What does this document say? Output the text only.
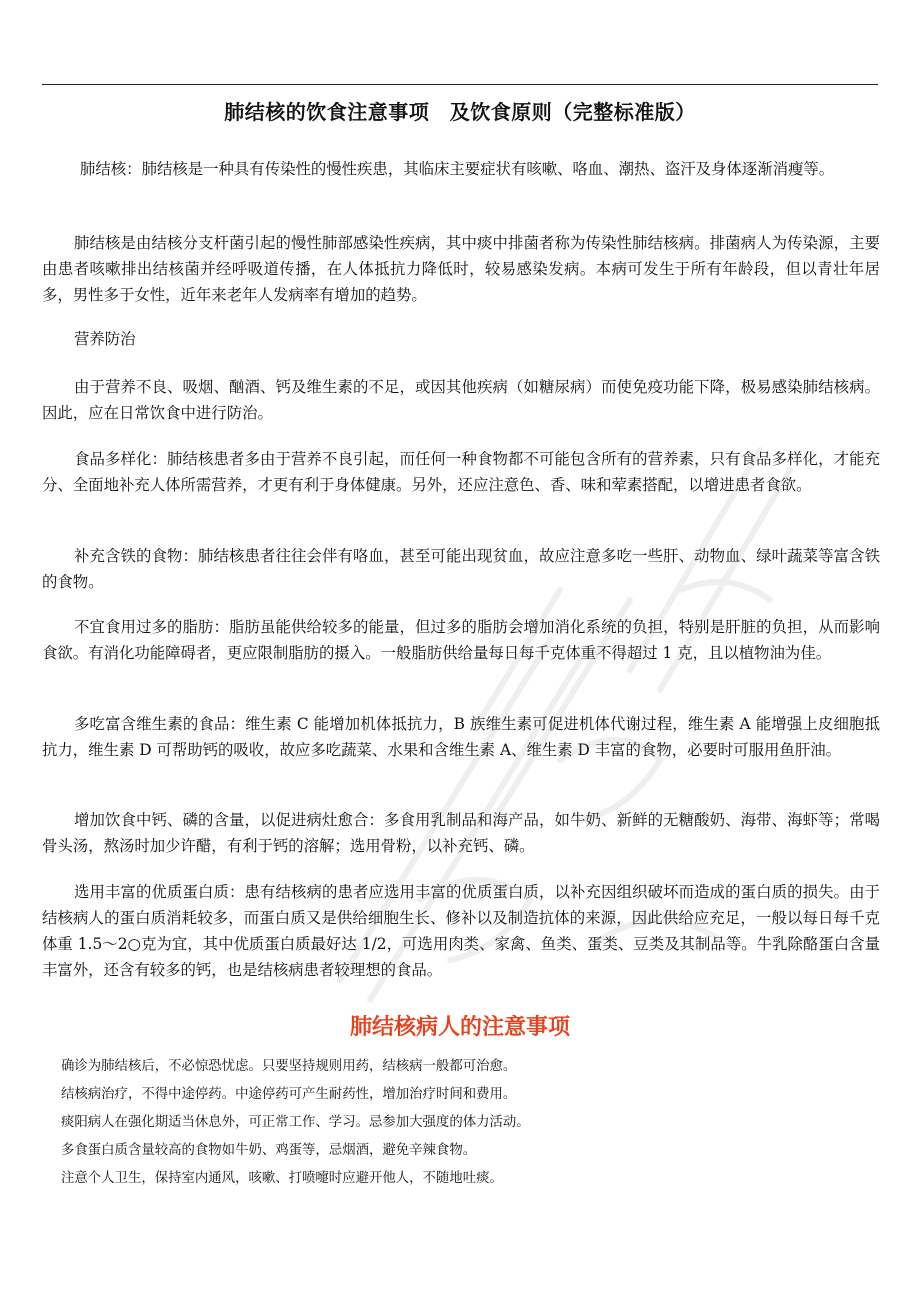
肺结核的饮食注意事项　及饮食原则（完整标准版）

肺结核：肺结核是一种具有传染性的慢性疾患，其临床主要症状有咳嗽、咯血、潮热、盗汗及身体逐渐消瘦等。

肺结核是由结核分支杆菌引起的慢性肺部感染性疾病，其中痰中排菌者称为传染性肺结核病。排菌病人为传染源，主要由患者咳嗽排出结核菌并经呼吸道传播，在人体抵抗力降低时，较易感染发病。本病可发生于所有年龄段，但以青壮年居多，男性多于女性，近年来老年人发病率有增加的趋势。

营养防治

由于营养不良、吸烟、酗酒、钙及维生素的不足，或因其他疾病（如糖尿病）而使免疫功能下降，极易感染肺结核病。因此，应在日常饮食中进行防治。

食品多样化：肺结核患者多由于营养不良引起，而任何一种食物都不可能包含所有的营养素，只有食品多样化，才能充分、全面地补充人体所需营养，才更有利于身体健康。另外，还应注意色、香、味和荤素搭配，以增进患者食欲。

补充含铁的食物：肺结核患者往往会伴有咯血，甚至可能出现贫血，故应注意多吃一些肝、动物血、绿叶蔬菜等富含铁的食物。

不宜食用过多的脂肪：脂肪虽能供给较多的能量，但过多的脂肪会增加消化系统的负担，特别是肝脏的负担，从而影响食欲。有消化功能障碍者，更应限制脂肪的摄入。一般脂肪供给量每日每千克体重不得超过 1 克，且以植物油为佳。

多吃富含维生素的食品：维生素 C 能增加机体抵抗力，B 族维生素可促进机体代谢过程，维生素 A 能增强上皮细胞抵抗力，维生素 D 可帮助钙的吸收，故应多吃蔬菜、水果和含维生素 A、维生素 D 丰富的食物，必要时可服用鱼肝油。

增加饮食中钙、磷的含量，以促进病灶愈合：多食用乳制品和海产品，如牛奶、新鲜的无糖酸奶、海带、海虾等；常喝骨头汤，熬汤时加少许醋，有利于钙的溶解；选用骨粉，以补充钙、磷。

选用丰富的优质蛋白质：患有结核病的患者应选用丰富的优质蛋白质，以补充因组织破坏而造成的蛋白质的损失。由于结核病人的蛋白质消耗较多，而蛋白质又是供给细胞生长、修补以及制造抗体的来源，因此供给应充足，一般以每日每千克体重 1.5～2○克为宜，其中优质蛋白质最好达 1/2，可选用肉类、家禽、鱼类、蛋类、豆类及其制品等。牛乳除酪蛋白含量丰富外，还含有较多的钙，也是结核病患者较理想的食品。

肺结核病人的注意事项
确诊为肺结核后，不必惊恐忧虑。只要坚持规则用药，结核病一般都可治愈。
结核病治疗，不得中途停药。中途停药可产生耐药性，增加治疗时间和费用。
痰阳病人在强化期适当休息外，可正常工作、学习。忌参加大强度的体力活动。
多食蛋白质含量较高的食物如牛奶、鸡蛋等，忌烟酒，避免辛辣食物。
注意个人卫生，保持室内通风，咳嗽、打喷嚏时应避开他人，不随地吐痰。
